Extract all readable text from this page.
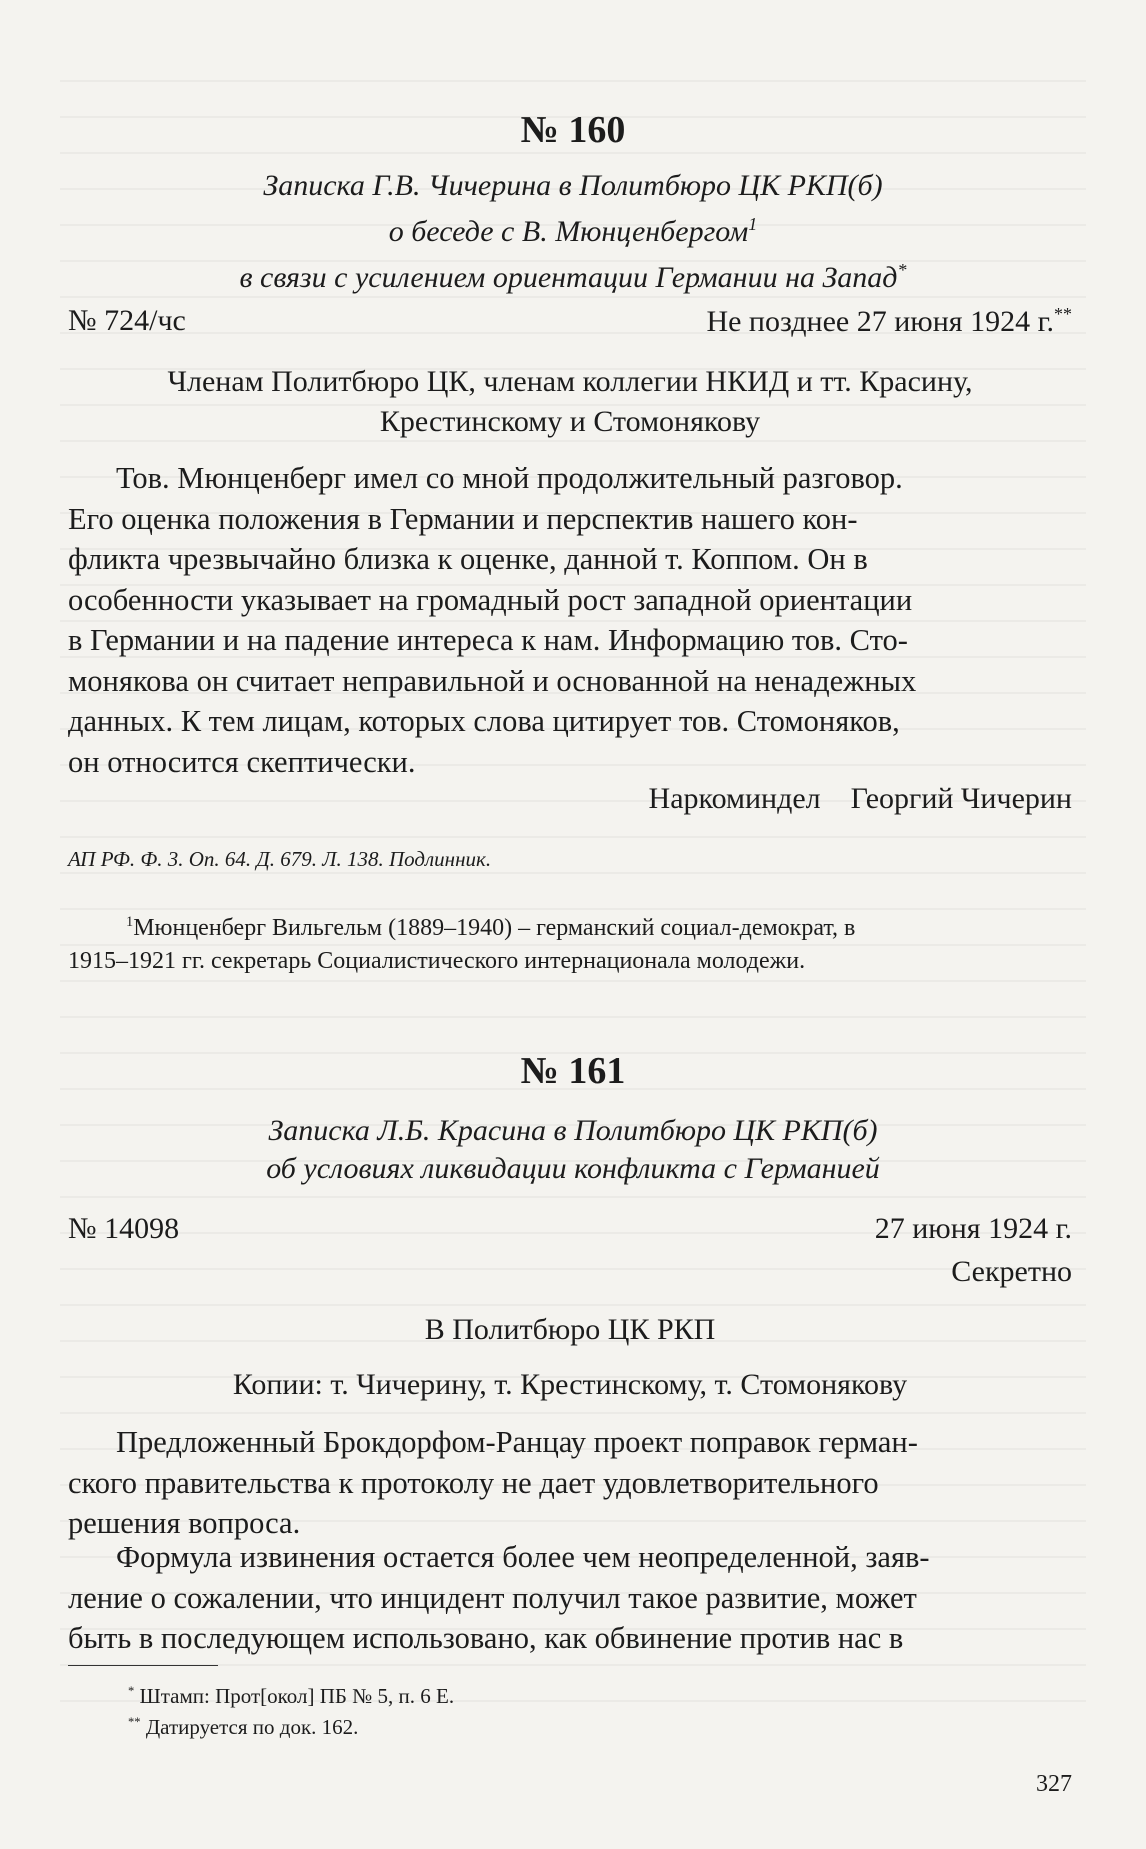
№ 160
Записка Г.В. Чичерина в Политбюро ЦК РКП(б)
о беседе с В. Мюнценбергом$^1$
в связи с усилением ориентации Германии на Запад*
№ 724/чс	Не позднее 27 июня 1924 г.**
Членам Политбюро ЦК, членам коллегии НКИД и тт. Красину,
Крестинскому и Стомонякову
Тов. Мюнценберг имел со мной продолжительный разговор.
Его оценка положения в Германии и перспектив нашего кон-
фликта чрезвычайно близка к оценке, данной т. Коппом. Он в
особенности указывает на громадный рост западной ориентации
в Германии и на падение интереса к нам. Информацию тов. Сто-
монякова он считает неправильной и основанной на ненадежных
данных. К тем лицам, которых слова цитирует тов. Стомоняков,
он относится скептически.
Наркоминдел    Георгий Чичерин
АП РФ. Ф. 3. Оп. 64. Д. 679. Л. 138. Подлинник.
$^1$Мюнценберг Вильгельм (1889–1940) – германский социал-демократ, в
1915–1921 гг. секретарь Социалистического интернационала молодежи.
№ 161
Записка Л.Б. Красина в Политбюро ЦК РКП(б)
об условиях ликвидации конфликта с Германией
№ 14098	27 июня 1924 г.
Секретно
В Политбюро ЦК РКП
Копии: т. Чичерину, т. Крестинскому, т. Стомонякову
Предложенный Брокдорфом-Ранцау проект поправок герман-
ского правительства к протоколу не дает удовлетворительного
решения вопроса.
Формула извинения остается более чем неопределенной, заяв-
ление о сожалении, что инцидент получил такое развитие, может
быть в последующем использовано, как обвинение против нас в
* Штамп: Прот[окол] ПБ № 5, п. 6 Е.
** Датируется по док. 162.
327
